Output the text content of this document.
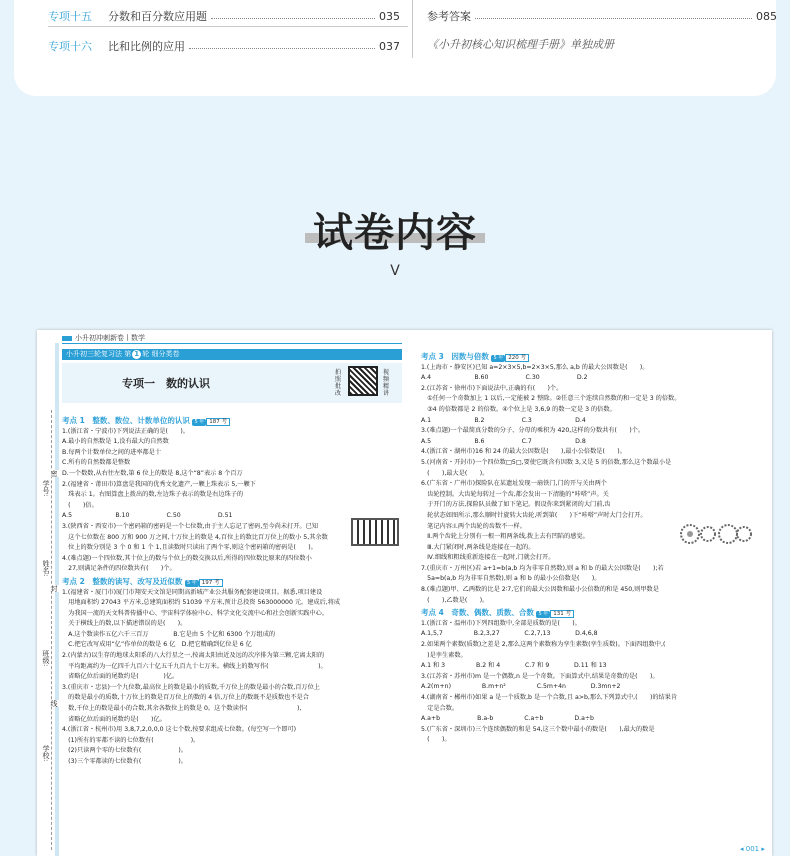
专项十五 分数和百分数应用题	035
专项十六 比和比例的应用	037
参考答案	085
《小升初核心知识梳理手册》单独成册
试卷内容
V
小升初冲刺新卷丨数学
小升初三轮复习法 第 1 轮 细分类卷
专项一　数的认识
拍照批改
视频精讲
学号:
姓名:
班级:
学校:
密
封
线
考点 1　整数、数位、计数单位的认识 5 年 187 考
1.(浙江省・宁波市)下列说法正确的是(　　)。
A.最小的自然数是 1,没有最大的自然数
B.每两个计数单位之间的进率都是十
C.所有的自然数都是整数
D.一个数数,从右往左数,第 6 位上的数是 8,这个“8”表示 8 个百万
2.(福建省・莆田市)算盘是我国的优秀文化遗产,一颗上珠表示 5,一颗下
　珠表示 1。右图算盘上拨出的数,左边珠子表示的数是右边珠子的
　(　　)倍。
A.5　　　　　　　B.10　　　　　　C.50　　　　　　D.51
3.(陕西省・西安市)一个密码箱的密码是一个七位数,由于主人忘记了密码,至今尚未打开。已知
　这个七位数在 800 万和 900 万之间,十万位上的数是 4,百位上的数比百万位上的数小 5,其余数
　位上的数分别是 3 个 0 和 1 个 1,且读数时只读出了两个零,则这个密码箱的密码是(　　)。
4.(难点题)一个四位数,其十位上的数与个位上的数交换以后,所得的四位数比原来的四位数小
　27,则满足条件的四位数共有(　　)个。
考点 2　整数的读写、改写及近似数 5 年 197 考
1.(福建省・厦门市)厦门市翔安天文馆是同期高新城产业公共服务配套建设项目。据悉,项目建设
　用地面积约 27043 平方米,总建筑面积约 51039 平方米,预计总投资 563000000 元。建成后,将成
　为我国一流的天文科普传播中心、宇宙科学体验中心、科学文化交流中心和社会创新实践中心。
　关于横线上的数,以下描述错误的是(　　)。
　A.这个数读作五亿六千三百万　　　　B.它是由 5 个亿和 6300 个万组成的
　C.把它改写成用“亿”作单位的数是 6 亿　D.把它精确到亿位是 6 亿
2.(内蒙古)以生存的地球太阳系的八大行星之一,按离太阳由近及远的次序排为第三颗,它离太阳的
　平均距离约为一亿四千九百六十亿五千九百九十七万米。横线上的数写作(　　　　　　　　)。
　省略亿位后面的尾数约是(　　　　)亿。
3.(重庆市・忠县)一个九位数,最高位上的数是最小的质数,千万位上的数是最小的合数,百万位上
　的数是最小的质数,十万位上的数是百万位上的数的 4 倍,万位上的数既不是质数也不是合
　数,千位上的数是最小的合数,其余各数位上的数是 0。这个数读作(　　　　　　　　),
　省略亿位后面的尾数约是(　　)亿。
4.(浙江省・杭州市)用 3,8,7,2,0,0,0 这七个数,按要求组成七位数。(每空写一个即可)
　(1)所有的零都不读的七位数有(　　　　　　)。
　(2)只读两个零的七位数有(　　　　　　)。
　(3)三个零都读的七位数有(　　　　　　)。
考点 3　因数与倍数 5 年 220 考
1.(上海市・静安区)已知 a=2×3×5,b=2×3×5,那么 a,b 的最大公因数是(　　)。
A.4　　　　　　　B.60　　　　　　C.30　　　　　　D.2
2.(江苏省・徐州市)下面说法中,正确的有(　　)个。
　①任何一个奇数加上 1 以后,一定能被 2 整除。②任意三个连续自然数的和一定是 3 的倍数。
　③4 的倍数都是 2 的倍数。④个位上是 3,6,9 的数一定是 3 的倍数。
A.1　　　　　　　B.2　　　　　　C.3　　　　　　　D.4
3.(难点题)一个最简真分数的分子、分母的乘积为 420,这样的分数共有(　　)个。
A.5　　　　　　　B.6　　　　　　C.7　　　　　　　D.8
4.(浙江省・湖州市)16 和 24 的最大公因数是(　　),最小公倍数是(　　)。
5.(河南省・开封市)一个四位数□5□,要使它既含有因数 3,又是 5 的倍数,那么这个数最小是
　(　　),最大是(　　)。
6.(广东省・广州市)探险队在某遗址发现一扇铁门,门的开与关由两个
　齿轮控制。大齿轮每转过一个齿,都会发出一下清脆的“咔嗒”声。关
　于开门的方法,探险队员做了如下笔记。假设你来到紧闭的大门前,齿
　轮状态如图所示,那么顺时针旋转大齿轮,听到第(　　)下“咔嗒”声时大门会打开。
　笔记内容:Ⅰ.两个齿轮的齿数不一样。
　Ⅱ.两个齿轮上分别有一根一粗两条线,拨上去有凹陷的感觉。
　Ⅲ.大门紧闭时,两条线是连接在一起的。
　Ⅳ.细线和粗线重新连接在一起时,门就会打开。
7.(重庆市・万州区)若 a+1=b(a,b 均为非零自然数),则 a 和 b 的最大公因数是(　　);若
　5a=b(a,b 均为非零自然数),则 a 和 b 的最小公倍数是(　　)。
8.(难点题)甲、乙两数的比是 2∶7,它们的最大公因数和最小公倍数的和是 450,则甲数是
　(　　),乙数是(　　)。
考点 4　奇数、偶数、质数、合数 5 年 131 考
1.(浙江省・温州市)下列四组数中,全部是质数的是(　　)。
A.1,5,7　　　　　B.2,3,27　　　　C.2,7,13　　　　D.4,6,8
2.如果两个素数(质数)之差是 2,那么这两个素数称为孪生素数(孪生质数)。下面四组数中,(
　)是孪生素数。
A.1 和 3　　　　　B.2 和 4　　　　C.7 和 9　　　　D.11 和 13
3.(江苏省・苏州市)m 是一个偶数,n 是一个奇数。下面算式中,结果是奇数的是(　　)。
A.2(m+n)　　　　　B.m+n²　　　　　C.5m+4n　　　　D.3mn+2
4.(湖南省・郴州市)如果 a 是一个质数,b 是一个合数,且 a>b,那么下列算式中,(　　)的结果肯
　定是合数。
A.a+b　　　　　　B.a-b　　　　　C.a÷b　　　　　D.a÷b
5.(广东省・深圳市)三个连续偶数的和是 54,这三个数中最小的数是(　　),最大的数是
　(　　)。
◂ 001 ▸
